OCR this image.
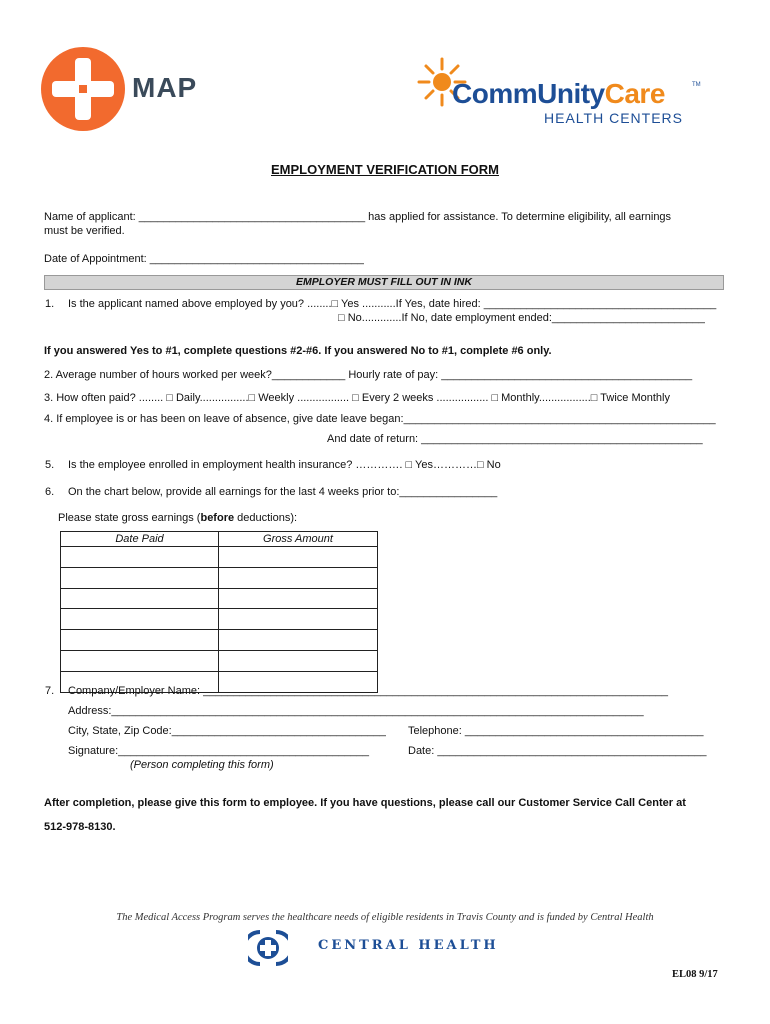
MAP	CommUnityCare	TM
HEALTH CENTERS
EMPLOYMENT VERIFICATION FORM
Name of applicant: _____________________________________ has applied for assistance. To determine eligibility, all earnings
must be verified.
Date of Appointment: ___________________________________
EMPLOYER MUST FILL OUT IN INK
1. Is the applicant named above employed by you? ........□ Yes ...........If Yes, date hired: ______________________________________
□ No.............If No, date employment ended:_________________________
If you answered Yes to #1, complete questions #2-#6. If you answered No to #1, complete #6 only.
2. Average number of hours worked per week?____________ Hourly rate of pay: _________________________________________
3. How often paid? ........ □ Daily................□ Weekly ................. □ Every 2 weeks ................. □ Monthly.................□ Twice Monthly
4. If employee is or has been on leave of absence, give date leave began:___________________________________________________
And date of return: ______________________________________________
5. Is the employee enrolled in employment health insurance? …………. □ Yes…………□ No
6. On the chart below, provide all earnings for the last 4 weeks prior to:________________
Please state gross earnings (before deductions):
Date Paid	Gross Amount

7. Company/Employer Name: ____________________________________________________________________________
Address:_______________________________________________________________________________________
City, State, Zip Code:___________________________________ Telephone: _______________________________________
Signature:_________________________________________	Date: ____________________________________________
(Person completing this form)
After completion, please give this form to employee. If you have questions, please call our Customer Service Call Center at
512-978-8130.
The Medical Access Program serves the healthcare needs of eligible residents in Travis County and is funded by Central Health
CENTRAL HEALTH
EL08 9/17
